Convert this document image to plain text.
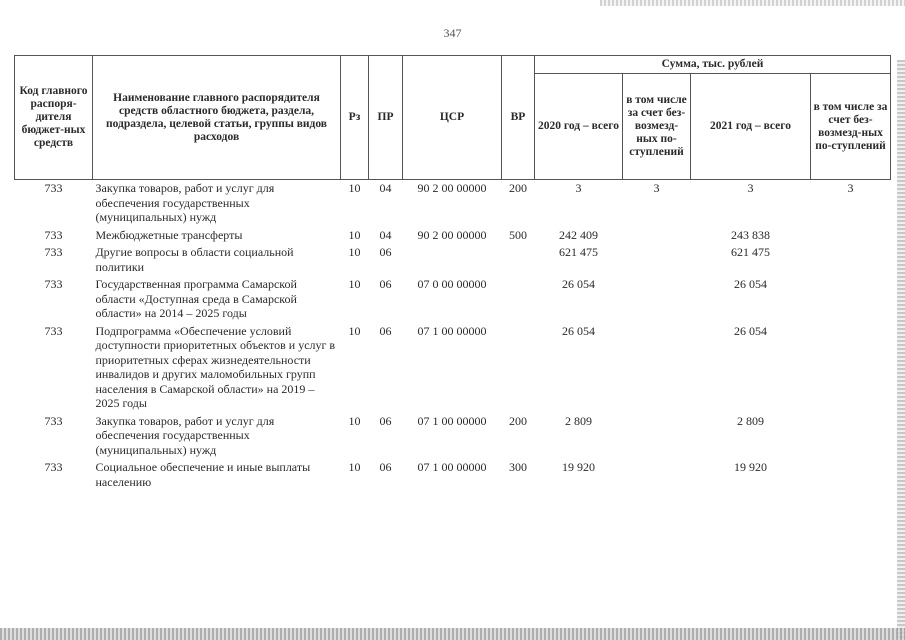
347
Код главного распоря-дителя бюджет-ных средств	Наименование главного распорядителя средств областного бюджета, раздела, подраздела, целевой статьи, группы видов расходов	Рз	ПР	ЦСР	ВР	Сумма, тыс. рублей			
						2020 год – всего	в том числе за счет без-возмезд-ных по-ступлений	2021 год – всего	в том числе за счет без-возмезд-ных по-ступлений
733	Закупка товаров, работ и услуг для обеспечения государственных (муниципальных) нужд	10	04	90 2 00 00000	200	3	3	3	3
733	Межбюджетные трансферты	10	04	90 2 00 00000	500	242 409		243 838	
733	Другие вопросы в области социальной политики	10	06			621 475		621 475	
733	Государственная программа Самарской области «Доступная среда в Самарской области» на 2014 – 2025 годы	10	06	07 0 00 00000		26 054		26 054	
733	Подпрограмма «Обеспечение условий доступности приоритетных объектов и услуг в приоритетных сферах жизнедеятельности инвалидов и других маломобильных групп населения в Самарской области» на 2019 – 2025 годы	10	06	07 1 00 00000		26 054		26 054	
733	Закупка товаров, работ и услуг для обеспечения государственных (муниципальных) нужд	10	06	07 1 00 00000	200	2 809		2 809	
733	Социальное обеспечение и иные выплаты населению	10	06	07 1 00 00000	300	19 920		19 920	
